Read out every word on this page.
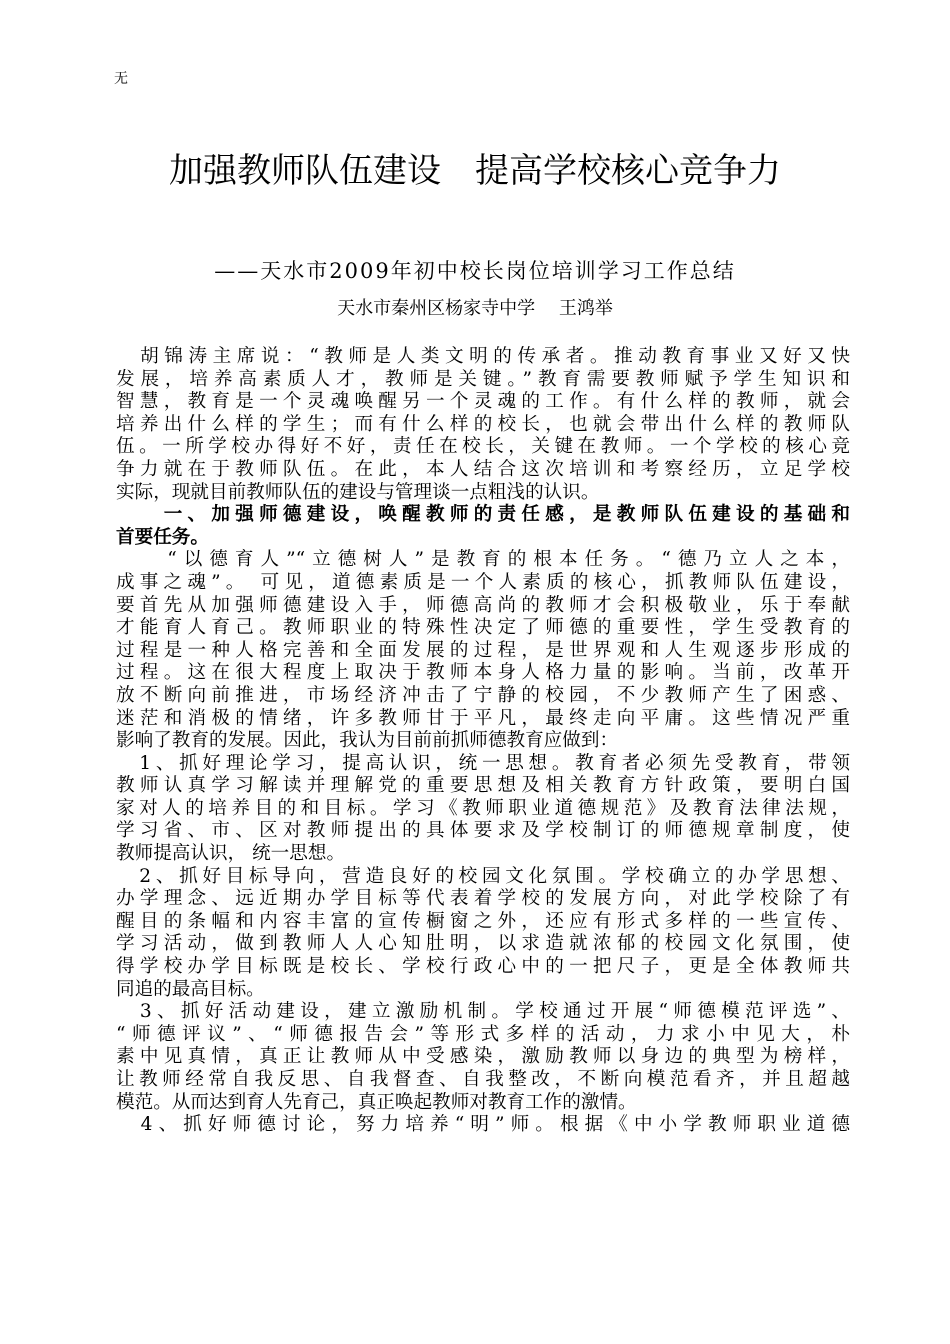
无
加强教师队伍建设　提高学校核心竞争力
——天水市2009年初中校长岗位培训学习工作总结
天水市秦州区杨家寺中学　 王鸿举

　胡锦涛主席说：“教师是人类文明的传承者。推动教育事业又好又快

发展，培养高素质人才，教师是关键。”教育需要教师赋予学生知识和

智慧，教育是一个灵魂唤醒另一个灵魂的工作。有什么样的教师，就会

培养出什么样的学生；而有什么样的校长，也就会带出什么样的教师队

伍。一所学校办得好不好，责任在校长，关键在教师。一个学校的核心竞

争力就在于教师队伍。在此，本人结合这次培训和考察经历，立足学校

实际，现就目前教师队伍的建设与管理谈一点粗浅的认识。

　　一、加强师德建设，唤醒教师的责任感，是教师队伍建设的基础和

首要任务。

　　“以德育人”“立德树人”是教育的根本任务。“德乃立人之本，

成事之魂”。 可见，道德素质是一个人素质的核心，抓教师队伍建设，

要首先从加强师德建设入手，师德高尚的教师才会积极敬业，乐于奉献

才能育人育己。教师职业的特殊性决定了师德的重要性，学生受教育的

过程是一种人格完善和全面发展的过程，是世界观和人生观逐步形成的

过程。这在很大程度上取决于教师本身人格力量的影响。当前，改革开

放不断向前推进，市场经济冲击了宁静的校园，不少教师产生了困惑、

迷茫和消极的情绪，许多教师甘于平凡，最终走向平庸。这些情况严重

影响了教育的发展。因此，我认为目前前抓师德教育应做到：

　1、抓好理论学习，提高认识，统一思想。教育者必须先受教育，带领

教师认真学习解读并理解党的重要思想及相关教育方针政策，要明白国

家对人的培养目的和目标。学习《教师职业道德规范》及教育法律法规，

学习省、市、区对教师提出的具体要求及学校制订的师德规章制度，使

教师提高认识， 统一思想。

　2、抓好目标导向，营造良好的校园文化氛围。学校确立的办学思想、

办学理念、远近期办学目标等代表着学校的发展方向，对此学校除了有

醒目的条幅和内容丰富的宣传橱窗之外，还应有形式多样的一些宣传、

学习活动，做到教师人人心知肚明，以求造就浓郁的校园文化氛围，使

得学校办学目标既是校长、学校行政心中的一把尺子，更是全体教师共

同追的最高目标。

　3、抓好活动建设，建立激励机制。学校通过开展“师德模范评选”、

“师德评议”、“师德报告会”等形式多样的活动，力求小中见大，朴

素中见真情，真正让教师从中受感染，激励教师以身边的典型为榜样，

让教师经常自我反思、自我督查、自我整改，不断向模范看齐，并且超越

模范。从而达到育人先育己，真正唤起教师对教育工作的激情。

　4、抓好师德讨论，努力培养“明”师。根据《中小学教师职业道德
